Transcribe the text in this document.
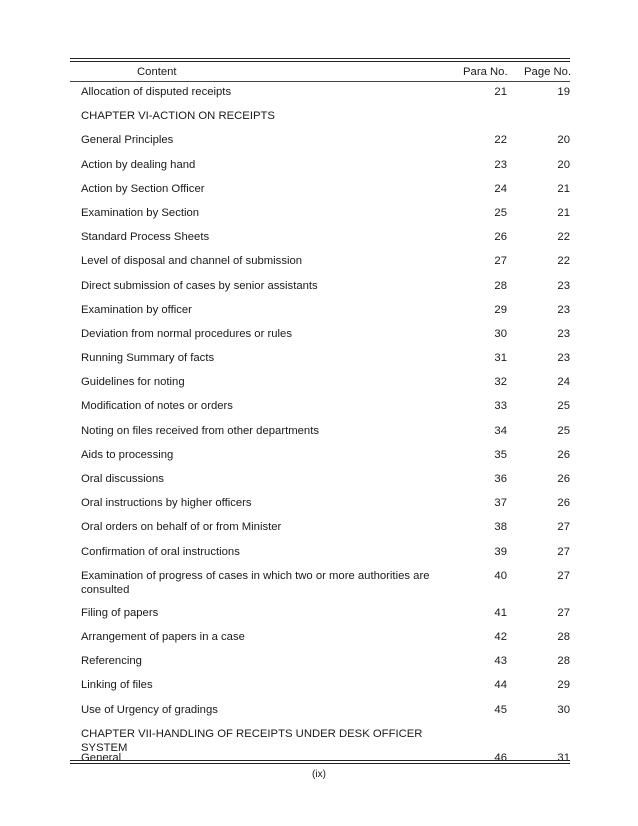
Content	Para No. Page No.
Allocation of disputed receipts	21	19
CHAPTER VI-ACTION ON RECEIPTS
General Principles	22	20
Action by dealing hand	23	20
Action by Section Officer	24	21
Examination by Section	25	21
Standard Process Sheets	26	22
Level of disposal and channel of submission	27	22
Direct submission of cases by senior assistants	28	23
Examination by officer	29	23
Deviation from normal procedures or rules	30	23
Running Summary of facts	31	23
Guidelines for noting	32	24
Modification of notes or orders	33	25
Noting on files received from other departments	34	25
Aids to processing	35	26
Oral discussions	36	26
Oral instructions by higher officers	37	26
Oral orders on behalf of or from Minister	38	27
Confirmation of oral instructions	39	27
Examination of progress of cases in which two or more authorities are consulted
40	27
Filing of papers	41	27
Arrangement of papers in a case	42	28
Referencing	43	28
Linking of files	44	29
Use of Urgency of gradings	45	30
CHAPTER VII-HANDLING OF RECEIPTS UNDER DESK OFFICER SYSTEM
General	46	31
(ix)
